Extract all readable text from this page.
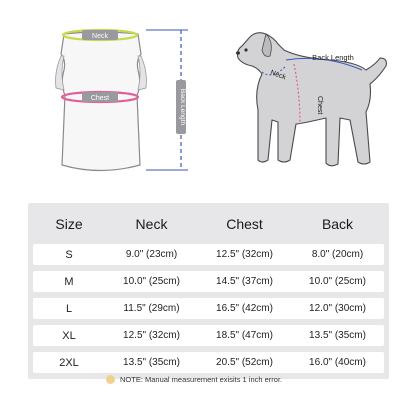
Neck
Chest	Back Length
Back Length
Neck
Chest
Size	Neck	Chest	Back
S	9.0" (23cm)	12.5" (32cm)	8.0" (20cm)
M	10.0" (25cm)	14.5" (37cm)	10.0" (25cm)
L	11.5" (29cm)	16.5" (42cm)	12.0" (30cm)
XL	12.5" (32cm)	18.5" (47cm)	13.5" (35cm)
2XL	13.5" (35cm)	20.5" (52cm)	16.0" (40cm)
NOTE: Manual measurement exisits 1 inch error.
